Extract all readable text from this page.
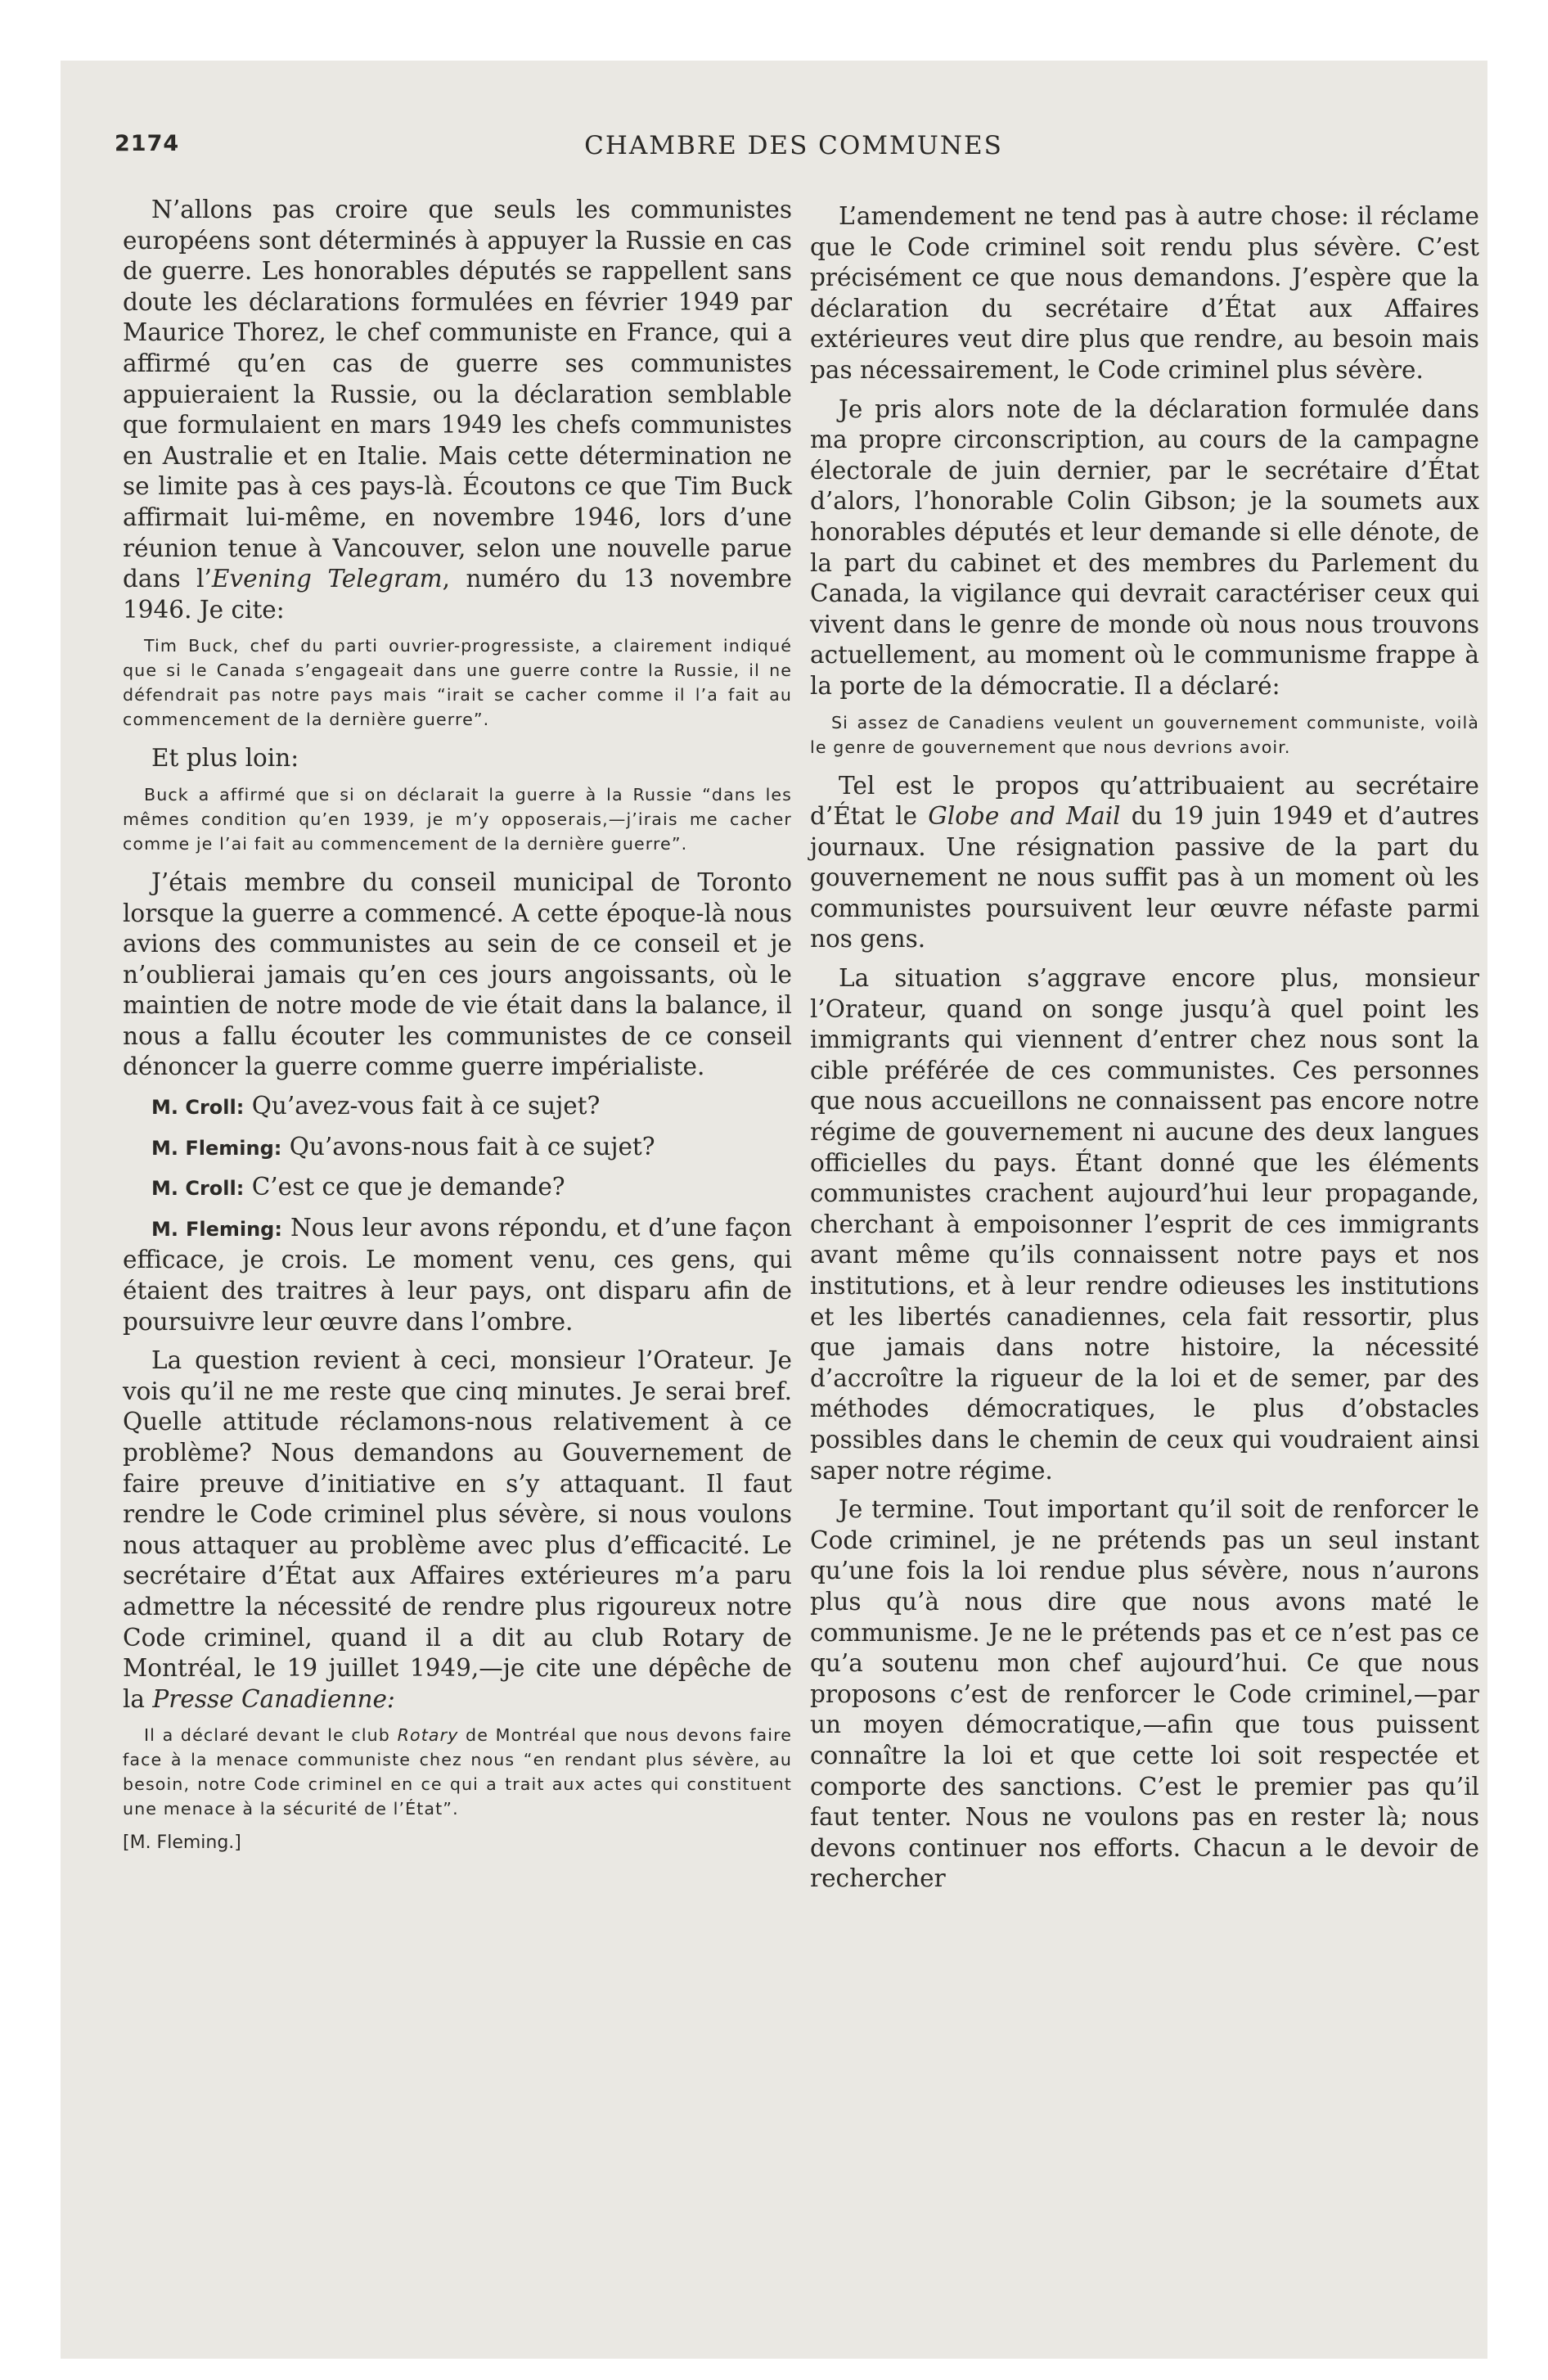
2174	CHAMBRE DES COMMUNES

N’allons pas croire que seuls les communistes européens sont déterminés à appuyer la Russie en cas de guerre. Les honorables députés se rappellent sans doute les déclarations formulées en février 1949 par Maurice Thorez, le chef communiste en France, qui a affirmé qu’en cas de guerre ses communistes appuieraient la Russie, ou la déclaration semblable que formulaient en mars 1949 les chefs communistes en Australie et en Italie. Mais cette détermination ne se limite pas à ces pays-là. Écoutons ce que Tim Buck affirmait lui-même, en novembre 1946, lors d’une réunion tenue à Vancouver, selon une nouvelle parue dans l’Evening Telegram, numéro du 13 novembre 1946. Je cite:

Tim Buck, chef du parti ouvrier-progressiste, a clairement indiqué que si le Canada s’engageait dans une guerre contre la Russie, il ne défendrait pas notre pays mais “irait se cacher comme il l’a fait au commencement de la dernière guerre”.

Et plus loin:

Buck a affirmé que si on déclarait la guerre à la Russie “dans les mêmes condition qu’en 1939, je m’y opposerais,—j’irais me cacher comme je l’ai fait au commencement de la dernière guerre”.

J’étais membre du conseil municipal de Toronto lorsque la guerre a commencé. A cette époque-là nous avions des communistes au sein de ce conseil et je n’oublierai jamais qu’en ces jours angoissants, où le maintien de notre mode de vie était dans la balance, il nous a fallu écouter les communistes de ce conseil dénoncer la guerre comme guerre impérialiste.

M. Croll: Qu’avez-vous fait à ce sujet?

M. Fleming: Qu’avons-nous fait à ce sujet?

M. Croll: C’est ce que je demande?

M. Fleming: Nous leur avons répondu, et d’une façon efficace, je crois. Le moment venu, ces gens, qui étaient des traitres à leur pays, ont disparu afin de poursuivre leur œuvre dans l’ombre.

La question revient à ceci, monsieur l’Orateur. Je vois qu’il ne me reste que cinq minutes. Je serai bref. Quelle attitude réclamons-nous relativement à ce problème? Nous demandons au Gouvernement de faire preuve d’initiative en s’y attaquant. Il faut rendre le Code criminel plus sévère, si nous voulons nous attaquer au problème avec plus d’efficacité. Le secrétaire d’État aux Affaires extérieures m’a paru admettre la nécessité de rendre plus rigoureux notre Code criminel, quand il a dit au club Rotary de Montréal, le 19 juillet 1949,—je cite une dépêche de la Presse Canadienne:

Il a déclaré devant le club Rotary de Montréal que nous devons faire face à la menace communiste chez nous “en rendant plus sévère, au besoin, notre Code criminel en ce qui a trait aux actes qui constituent une menace à la sécurité de l’État”.

[M. Fleming.]

L’amendement ne tend pas à autre chose: il réclame que le Code criminel soit rendu plus sévère. C’est précisément ce que nous demandons. J’espère que la déclaration du secrétaire d’État aux Affaires extérieures veut dire plus que rendre, au besoin mais pas nécessairement, le Code criminel plus sévère.

Je pris alors note de la déclaration formulée dans ma propre circonscription, au cours de la campagne électorale de juin dernier, par le secrétaire d’État d’alors, l’honorable Colin Gibson; je la soumets aux honorables députés et leur demande si elle dénote, de la part du cabinet et des membres du Parlement du Canada, la vigilance qui devrait caractériser ceux qui vivent dans le genre de monde où nous nous trouvons actuellement, au moment où le communisme frappe à la porte de la démocratie. Il a déclaré:

Si assez de Canadiens veulent un gouvernement communiste, voilà le genre de gouvernement que nous devrions avoir.

Tel est le propos qu’attribuaient au secrétaire d’État le Globe and Mail du 19 juin 1949 et d’autres journaux. Une résignation passive de la part du gouvernement ne nous suffit pas à un moment où les communistes poursuivent leur œuvre néfaste parmi nos gens.

La situation s’aggrave encore plus, monsieur l’Orateur, quand on songe jusqu’à quel point les immigrants qui viennent d’entrer chez nous sont la cible préférée de ces communistes. Ces personnes que nous accueillons ne connaissent pas encore notre régime de gouvernement ni aucune des deux langues officielles du pays. Étant donné que les éléments communistes crachent aujourd’hui leur propagande, cherchant à empoisonner l’esprit de ces immigrants avant même qu’ils connaissent notre pays et nos institutions, et à leur rendre odieuses les institutions et les libertés canadiennes, cela fait ressortir, plus que jamais dans notre histoire, la nécessité d’accroître la rigueur de la loi et de semer, par des méthodes démocratiques, le plus d’obstacles possibles dans le chemin de ceux qui voudraient ainsi saper notre régime.

Je termine. Tout important qu’il soit de renforcer le Code criminel, je ne prétends pas un seul instant qu’une fois la loi rendue plus sévère, nous n’aurons plus qu’à nous dire que nous avons maté le communisme. Je ne le prétends pas et ce n’est pas ce qu’a soutenu mon chef aujourd’hui. Ce que nous proposons c’est de renforcer le Code criminel,—par un moyen démocratique,—afin que tous puissent connaître la loi et que cette loi soit respectée et comporte des sanctions. C’est le premier pas qu’il faut tenter. Nous ne voulons pas en rester là; nous devons continuer nos efforts. Chacun a le devoir de rechercher
